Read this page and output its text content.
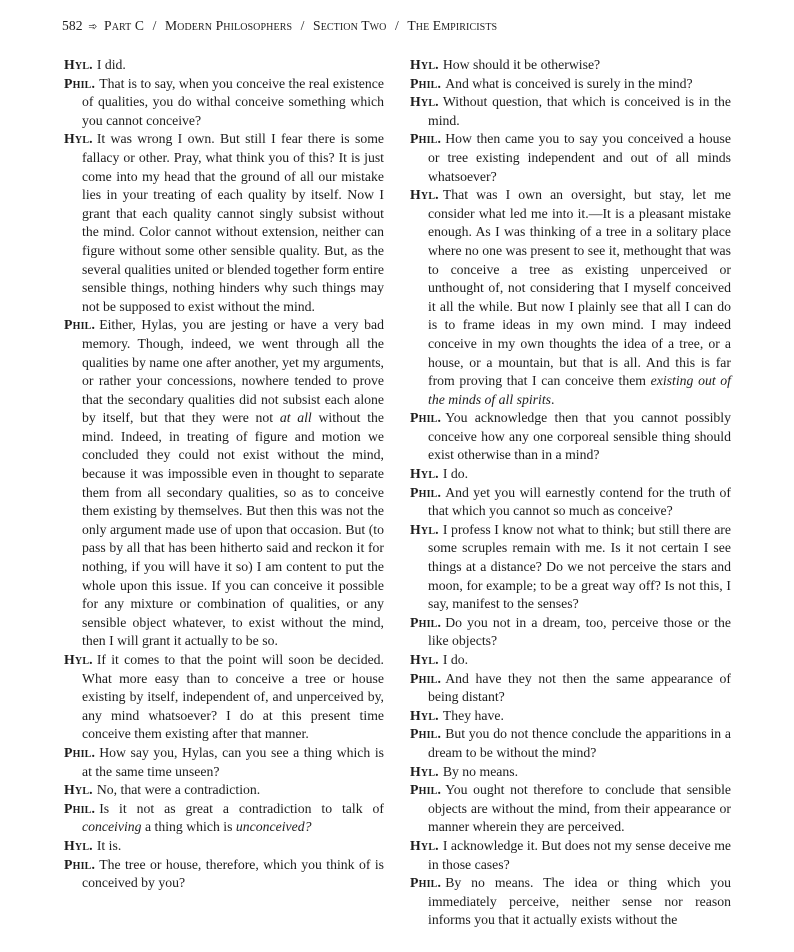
582 ➾ Part C / Modern Philosophers / Section Two / The Empiricists

Hyl. I did.

Phil. That is to say, when you conceive the real existence of qualities, you do withal conceive something which you cannot conceive?

Hyl. It was wrong I own. But still I fear there is some fallacy or other. Pray, what think you of this? It is just come into my head that the ground of all our mistake lies in your treating of each quality by itself. Now I grant that each quality cannot singly subsist without the mind. Color cannot without extension, neither can figure without some other sensible quality. But, as the several qualities united or blended together form entire sensible things, nothing hinders why such things may not be supposed to exist without the mind.

Phil. Either, Hylas, you are jesting or have a very bad memory. Though, indeed, we went through all the qualities by name one after another, yet my arguments, or rather your concessions, nowhere tended to prove that the secondary qualities did not subsist each alone by itself, but that they were not at all without the mind. Indeed, in treating of figure and motion we concluded they could not exist without the mind, because it was impossible even in thought to separate them from all secondary qualities, so as to conceive them existing by themselves. But then this was not the only argument made use of upon that occasion. But (to pass by all that has been hitherto said and reckon it for nothing, if you will have it so) I am content to put the whole upon this issue. If you can conceive it possible for any mixture or combination of qualities, or any sensible object whatever, to exist without the mind, then I will grant it actually to be so.

Hyl. If it comes to that the point will soon be decided. What more easy than to conceive a tree or house existing by itself, independent of, and unperceived by, any mind whatsoever? I do at this present time conceive them existing after that manner.

Phil. How say you, Hylas, can you see a thing which is at the same time unseen?

Hyl. No, that were a contradiction.

Phil. Is it not as great a contradiction to talk of conceiving a thing which is unconceived?

Hyl. It is.

Phil. The tree or house, therefore, which you think of is conceived by you?

Hyl. How should it be otherwise?

Phil. And what is conceived is surely in the mind?

Hyl. Without question, that which is conceived is in the mind.

Phil. How then came you to say you conceived a house or tree existing independent and out of all minds whatsoever?

Hyl. That was I own an oversight, but stay, let me consider what led me into it.—It is a pleasant mistake enough. As I was thinking of a tree in a solitary place where no one was present to see it, methought that was to conceive a tree as existing unperceived or unthought of, not considering that I myself conceived it all the while. But now I plainly see that all I can do is to frame ideas in my own mind. I may indeed conceive in my own thoughts the idea of a tree, or a house, or a mountain, but that is all. And this is far from proving that I can conceive them existing out of the minds of all spirits.

Phil. You acknowledge then that you cannot possibly conceive how any one corporeal sensible thing should exist otherwise than in a mind?

Hyl. I do.

Phil. And yet you will earnestly contend for the truth of that which you cannot so much as conceive?

Hyl. I profess I know not what to think; but still there are some scruples remain with me. Is it not certain I see things at a distance? Do we not perceive the stars and moon, for example; to be a great way off? Is not this, I say, manifest to the senses?

Phil. Do you not in a dream, too, perceive those or the like objects?

Hyl. I do.

Phil. And have they not then the same appearance of being distant?

Hyl. They have.

Phil. But you do not thence conclude the apparitions in a dream to be without the mind?

Hyl. By no means.

Phil. You ought not therefore to conclude that sensible objects are without the mind, from their appearance or manner wherein they are perceived.

Hyl. I acknowledge it. But does not my sense deceive me in those cases?

Phil. By no means. The idea or thing which you immediately perceive, neither sense nor reason informs you that it actually exists without the
